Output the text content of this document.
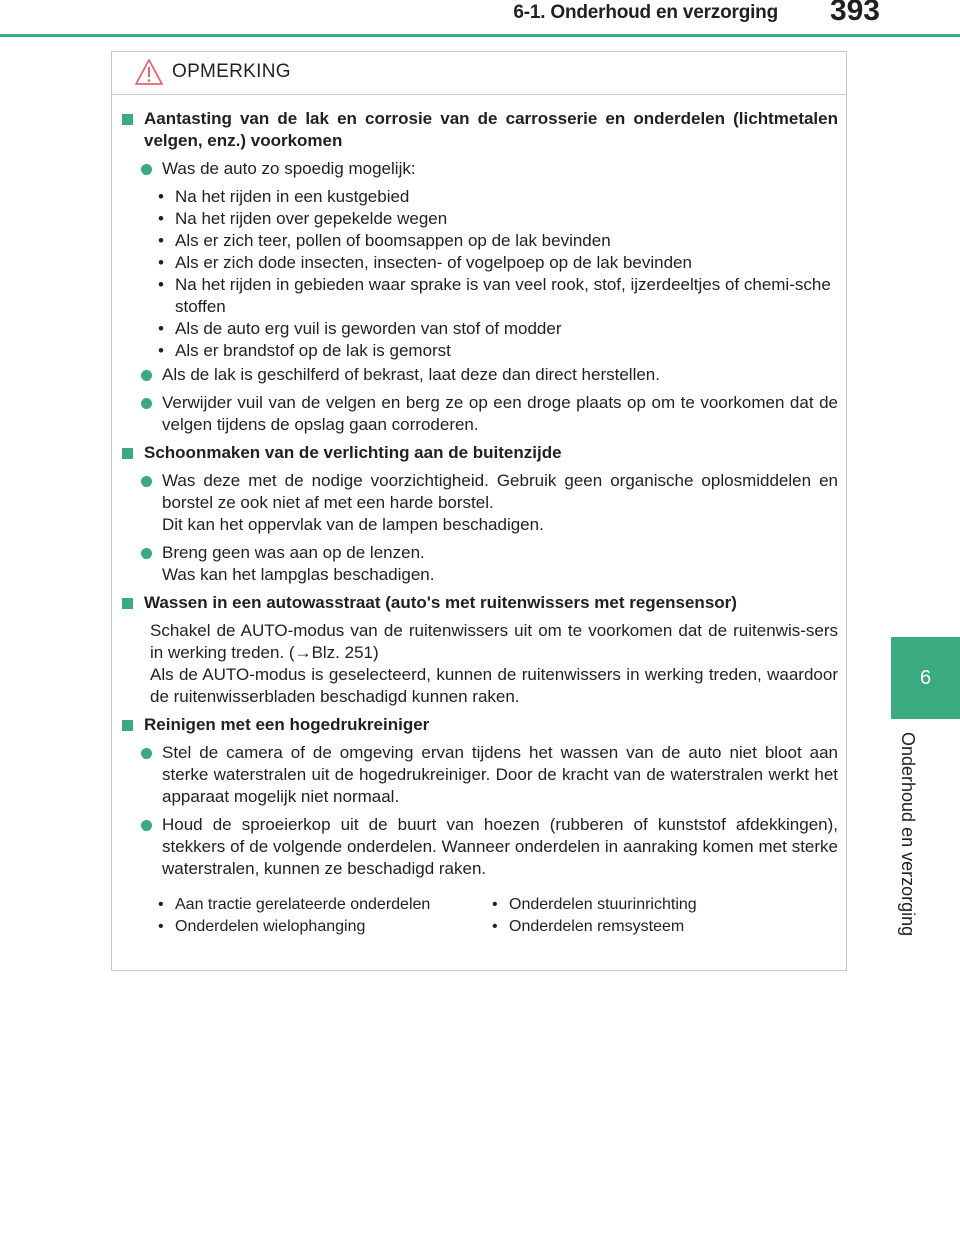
6-1. Onderhoud en verzorging 393
6
Onderhoud en verzorging
OPMERKING
Aantasting van de lak en corrosie van de carrosserie en onderdelen (lichtmetalen velgen, enz.) voorkomen
Was de auto zo spoedig mogelijk:
• Na het rijden in een kustgebied
• Na het rijden over gepekelde wegen
• Als er zich teer, pollen of boomsappen op de lak bevinden
• Als er zich dode insecten, insecten- of vogelpoep op de lak bevinden
• Na het rijden in gebieden waar sprake is van veel rook, stof, ijzerdeeltjes of chemi-sche stoffen
• Als de auto erg vuil is geworden van stof of modder
• Als er brandstof op de lak is gemorst
Als de lak is geschilferd of bekrast, laat deze dan direct herstellen.
Verwijder vuil van de velgen en berg ze op een droge plaats op om te voorkomen dat de velgen tijdens de opslag gaan corroderen.
Schoonmaken van de verlichting aan de buitenzijde
Was deze met de nodige voorzichtigheid. Gebruik geen organische oplosmiddelen en borstel ze ook niet af met een harde borstel.
Dit kan het oppervlak van de lampen beschadigen.
Breng geen was aan op de lenzen.
Was kan het lampglas beschadigen.
Wassen in een autowasstraat (auto's met ruitenwissers met regensensor)
Schakel de AUTO-modus van de ruitenwissers uit om te voorkomen dat de ruitenwis-sers in werking treden. (→Blz. 251)
Als de AUTO-modus is geselecteerd, kunnen de ruitenwissers in werking treden, waardoor de ruitenwisserbladen beschadigd kunnen raken.
Reinigen met een hogedrukreiniger
Stel de camera of de omgeving ervan tijdens het wassen van de auto niet bloot aan sterke waterstralen uit de hogedrukreiniger. Door de kracht van de waterstralen werkt het apparaat mogelijk niet normaal.
Houd de sproeierkop uit de buurt van hoezen (rubberen of kunststof afdekkingen), stekkers of de volgende onderdelen. Wanneer onderdelen in aanraking komen met sterke waterstralen, kunnen ze beschadigd raken.
• Aan tractie gerelateerde onderdelen
• Onderdelen wielophanging
• Onderdelen stuurinrichting
• Onderdelen remsysteem
